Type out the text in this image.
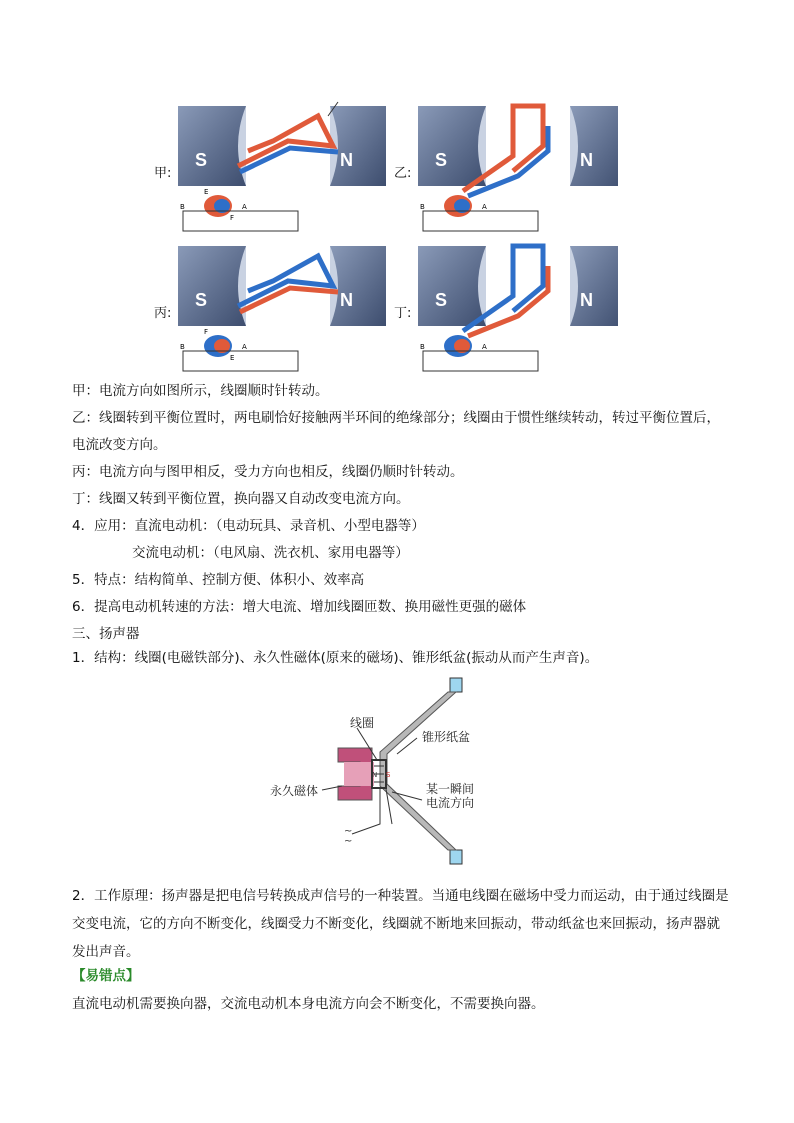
S	N	S	N
S	N	S	N
B	A
E
F
B	A
B	A
F
E
B	A
甲:	乙:
丙:	丁:

甲：电流方向如图所示，线圈顺时针转动。

乙：线圈转到平衡位置时，两电刷恰好接触两半环间的绝缘部分；线圈由于惯性继续转动，转过平衡位置后，电流改变方向。

丙：电流方向与图甲相反，受力方向也相反，线圈仍顺时针转动。

丁：线圈又转到平衡位置，换向器又自动改变电流方向。

4．应用：直流电动机：（电动玩具、录音机、小型电器等）

交流电动机：（电风扇、洗衣机、家用电器等）

5．特点：结构简单、控制方便、体积小、效率高

6．提高电动机转速的方法：增大电流、增加线圈匝数、换用磁性更强的磁体

三、扬声器

1．结构：线圈(电磁铁部分)、永久性磁体(原来的磁场)、锥形纸盆(振动从而产生声音)。

N S
~
~
线圈
锥形纸盆
永久磁体	某一瞬间
电流方向

2．工作原理：扬声器是把电信号转换成声信号的一种装置。当通电线圈在磁场中受力而运动，由于通过线圈是交变电流，它的方向不断变化，线圈受力不断变化，线圈就不断地来回振动，带动纸盆也来回振动，扬声器就发出声音。

【易错点】

直流电动机需要换向器，交流电动机本身电流方向会不断变化，不需要换向器。
